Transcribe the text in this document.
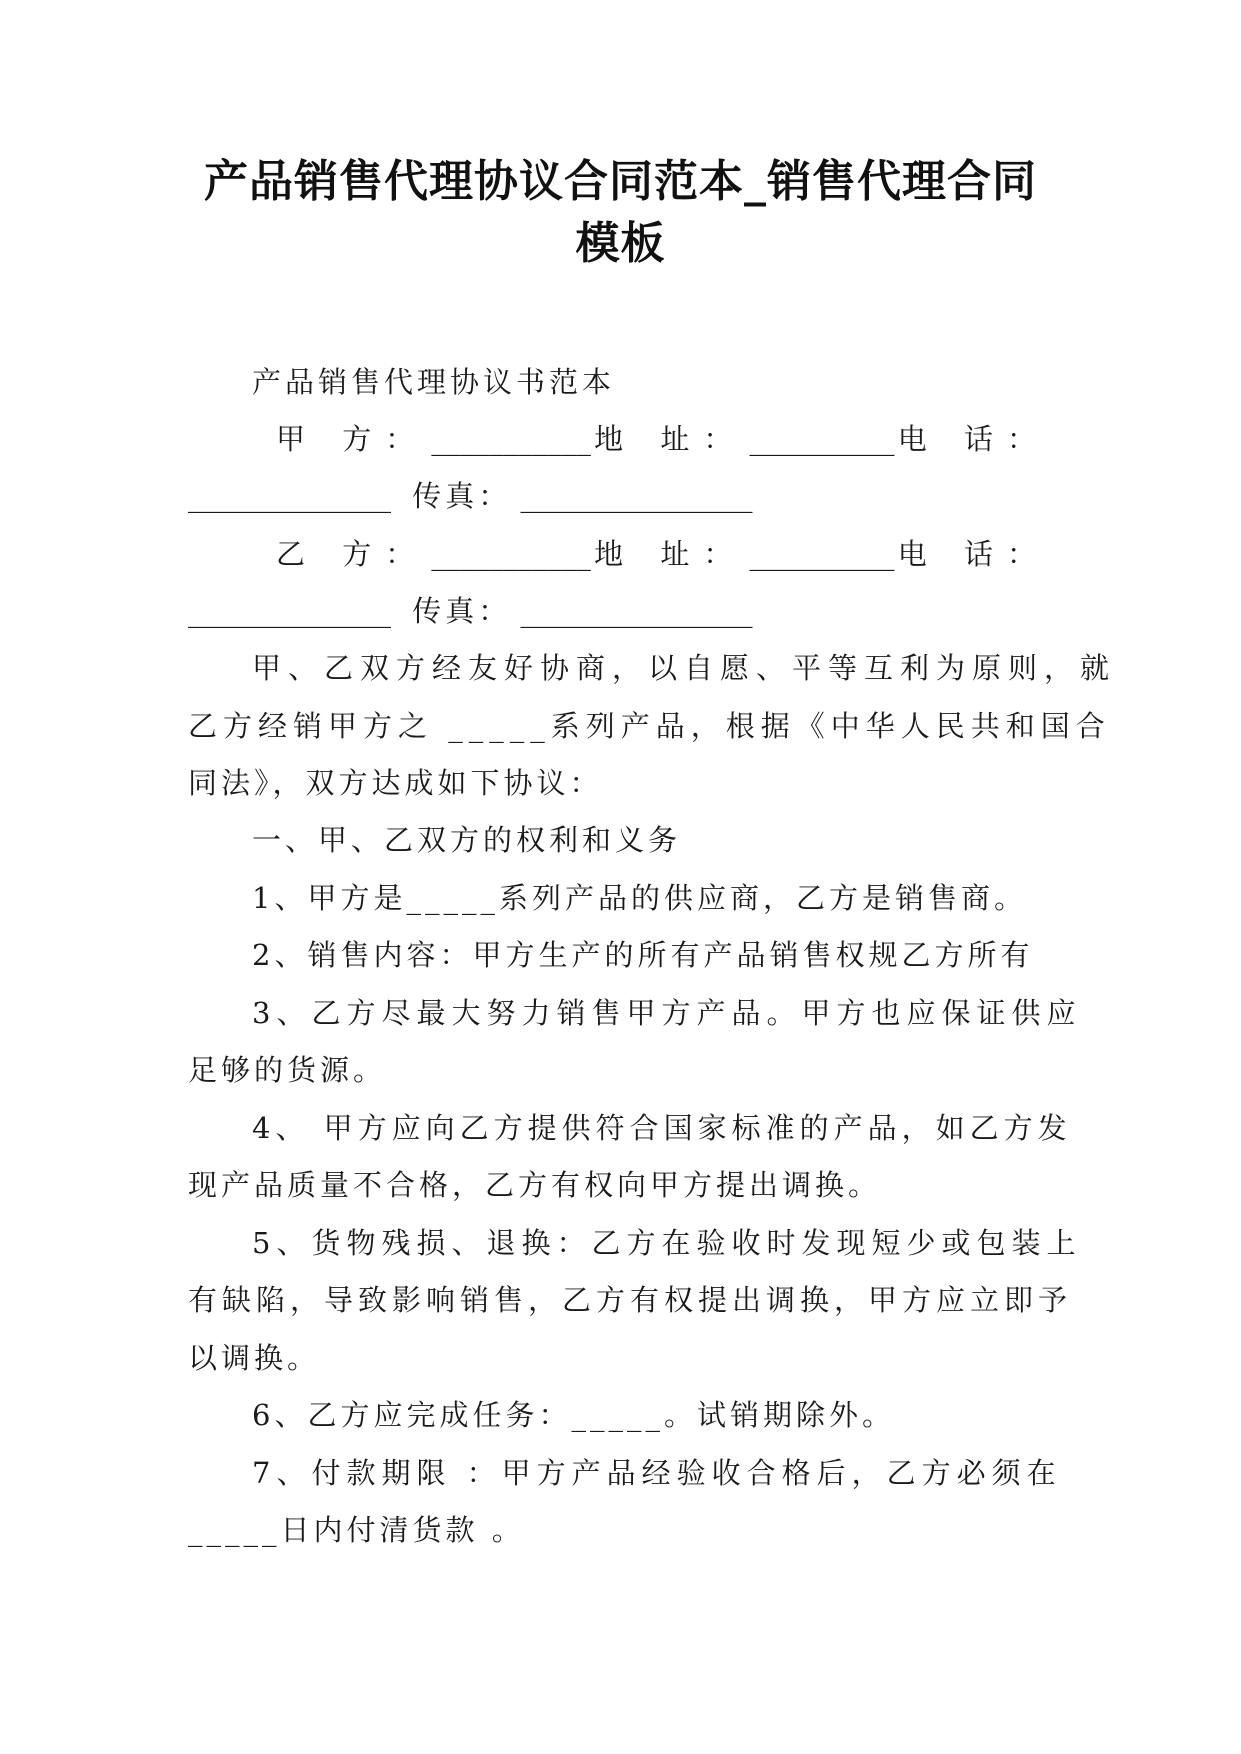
产品销售代理协议合同范本_销售代理合同
模板
产品销售代理协议书范本
甲 方： ___________ 地 址： __________ 电 话：
______________ 传真： ________________
乙 方： ___________ 地 址： __________ 电 话：
______________ 传真： ________________
甲、乙双方经友好协商，以自愿、平等互利为原则，就
乙方经销甲方之 _____系列产品，根据《中华人民共和国合
同法》，双方达成如下协议：
一、甲、乙双方的权利和义务
1、甲方是_____系列产品的供应商，乙方是销售商。
2、销售内容：甲方生产的所有产品销售权规乙方所有
3、乙方尽最大努力销售甲方产品。甲方也应保证供应
足够的货源。
4、 甲方应向乙方提供符合国家标准的产品，如乙方发
现产品质量不合格，乙方有权向甲方提出调换。
5、货物残损、退换：乙方在验收时发现短少或包装上
有缺陷，导致影响销售，乙方有权提出调换，甲方应立即予
以调换。
6、乙方应完成任务：_____。试销期除外。
7、付款期限 ：甲方产品经验收合格后，乙方必须在
_____日内付清货款 。
